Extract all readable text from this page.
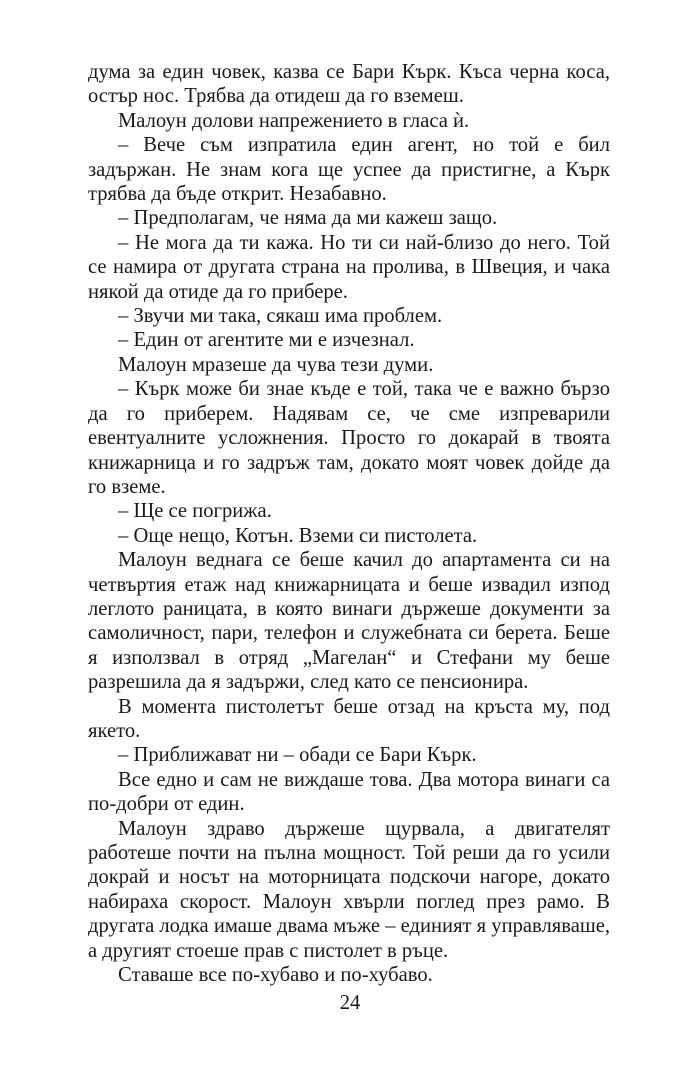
дума за един човек, казва се Бари Кърк. Къса черна коса, остър нос. Трябва да отидеш да го вземеш.

Малоун долови напрежението в гласа ѝ.

– Вече съм изпратила един агент, но той е бил задържан. Не знам кога ще успее да пристигне, а Кърк трябва да бъде открит. Незабавно.

– Предполагам, че няма да ми кажеш защо.

– Не мога да ти кажа. Но ти си най-близо до него. Той се намира от другата страна на пролива, в Швеция, и чака някой да отиде да го прибере.

– Звучи ми така, сякаш има проблем.

– Един от агентите ми е изчезнал.

Малоун мразеше да чува тези думи.

– Кърк може би знае къде е той, така че е важно бързо да го приберем. Надявам се, че сме изпреварили евентуалните усложнения. Просто го докарай в твоята книжарница и го задръж там, докато моят човек дойде да го вземе.

– Ще се погрижа.

– Още нещо, Котън. Вземи си пистолета.

Малоун веднага се беше качил до апартамента си на четвъртия етаж над книжарницата и беше извадил изпод леглото раницата, в която винаги държеше документи за самоличност, пари, телефон и служебната си берета. Беше я използвал в отряд „Магелан“ и Стефани му беше разрешила да я задържи, след като се пенсионира.

В момента пистолетът беше отзад на кръста му, под якето.

– Приближават ни – обади се Бари Кърк.

Все едно и сам не виждаше това. Два мотора винаги са по-добри от един.

Малоун здраво държеше щурвала, а двигателят работеше почти на пълна мощност. Той реши да го усили докрай и носът на моторницата подскочи нагоре, докато набираха скорост. Малоун хвърли поглед през рамо. В другата лодка имаше двама мъже – единият я управляваше, а другият стоеше прав с пистолет в ръце.

Ставаше все по-хубаво и по-хубаво.

24
